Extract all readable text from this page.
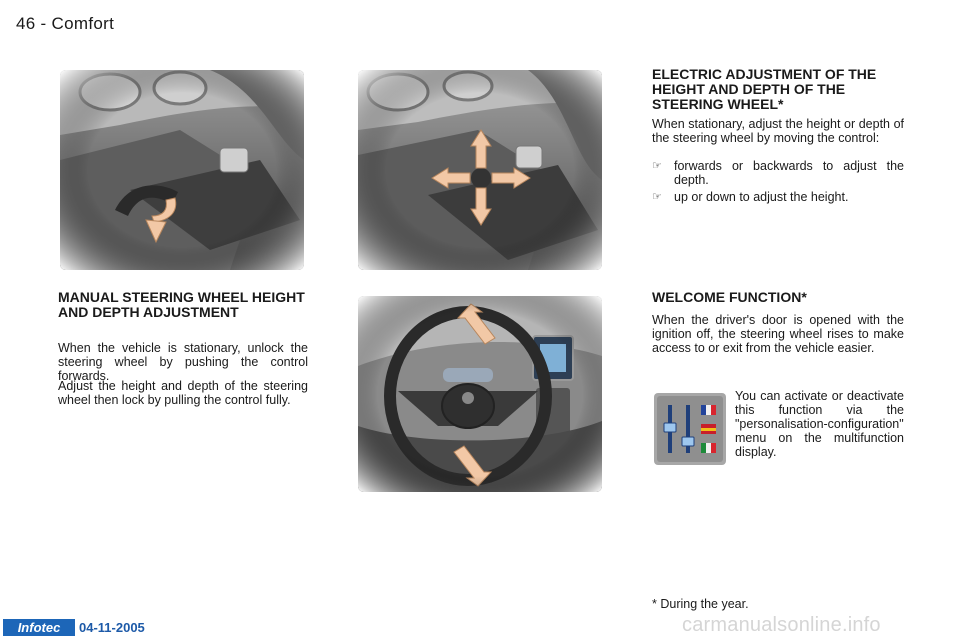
46 - Comfort
MANUAL STEERING WHEEL HEIGHT AND DEPTH ADJUSTMENT
When the vehicle is stationary, unlock the steering wheel by pushing the control forwards.
Adjust the height and depth of the steering wheel then lock by pulling the control fully.
ELECTRIC ADJUSTMENT OF THE HEIGHT AND DEPTH OF THE STEERING WHEEL*
When stationary, adjust the height or depth of the steering wheel by moving the control:
☞ forwards or backwards to adjust the depth.
☞ up or down to adjust the height.
WELCOME FUNCTION*
When the driver's door is opened with the ignition off, the steering wheel rises to make access to or exit from the vehicle easier.
You can activate or deactivate this function via the "personalisation-configuration" menu on the multifunction display.
* During the year.
Infotec	04-11-2005	carmanualsonline.info
